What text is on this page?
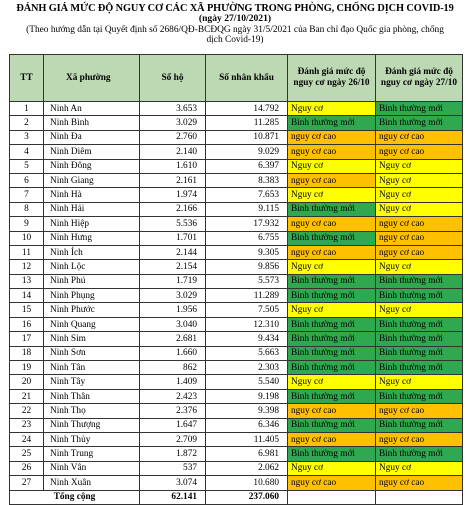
ĐÁNH GIÁ MỨC ĐỘ NGUY CƠ CÁC XÃ PHƯỜNG TRONG PHÒNG, CHỐNG DỊCH COVID-19
(ngày 27/10/2021)
(Theo hướng dẫn tại Quyết định số 2686/QĐ-BCĐQG ngày 31/5/2021 của Ban chỉ đạo Quốc gia phòng, chống
dịch Covid-19)
TT	Xã phường	Số hộ	Số nhân khẩu	Đánh giá mức độ nguy cơ ngày 26/10	Đánh giá mức độ nguy cơ ngày 27/10
1	Ninh An	3.653	14.792	Nguy cơ	Bình thường mới
2	Ninh Bình	3.029	11.285	Bình thường mới	Bình thường mới
3	Ninh Đa	2.760	10.871	nguy cơ cao	nguy cơ cao
4	Ninh Diêm	2.140	9.029	nguy cơ cao	nguy cơ cao
5	Ninh Đông	1.610	6.397	Nguy cơ	Nguy cơ
6	Ninh Giang	2.161	8.383	nguy cơ cao	Nguy cơ
7	Ninh Hà	1.974	7.653	Nguy cơ	Nguy cơ
8	Ninh Hải	2.166	9.115	Bình thường mới	Nguy cơ
9	Ninh Hiệp	5.536	17.932	nguy cơ cao	nguy cơ cao
10	Ninh Hưng	1.701	6.755	Bình thường mới	nguy cơ cao
11	Ninh Ích	2.144	9.305	nguy cơ cao	nguy cơ cao
12	Ninh Lộc	2.154	9.856	Nguy cơ	Nguy cơ
13	Ninh Phú	1.719	5.573	Bình thường mới	Bình thường mới
14	Ninh Phụng	3.029	11.289	Bình thường mới	Bình thường mới
15	Ninh Phước	1.956	7.505	Nguy cơ	Nguy cơ
16	Ninh Quang	3.040	12.310	Bình thường mới	Bình thường mới
17	Ninh Sim	2.681	9.434	Bình thường mới	Bình thường mới
18	Ninh Sơn	1.660	5.663	Bình thường mới	Bình thường mới
19	Ninh Tân	862	2.303	Bình thường mới	Bình thường mới
20	Ninh Tây	1.409	5.540	Nguy cơ	Nguy cơ
21	Ninh Thân	2.423	9.198	Bình thường mới	Bình thường mới
22	Ninh Thọ	2.376	9.398	nguy cơ cao	nguy cơ cao
23	Ninh Thượng	1.647	6.346	Bình thường mới	Bình thường mới
24	Ninh Thủy	2.709	11.405	nguy cơ cao	nguy cơ cao
25	Ninh Trung	1.872	6.981	Bình thường mới	Bình thường mới
26	Ninh Vân	537	2.062	Nguy cơ	Nguy cơ
27	Ninh Xuân	3.074	10.680	nguy cơ cao	nguy cơ cao
Tổng cộng		62.141	237.060		
